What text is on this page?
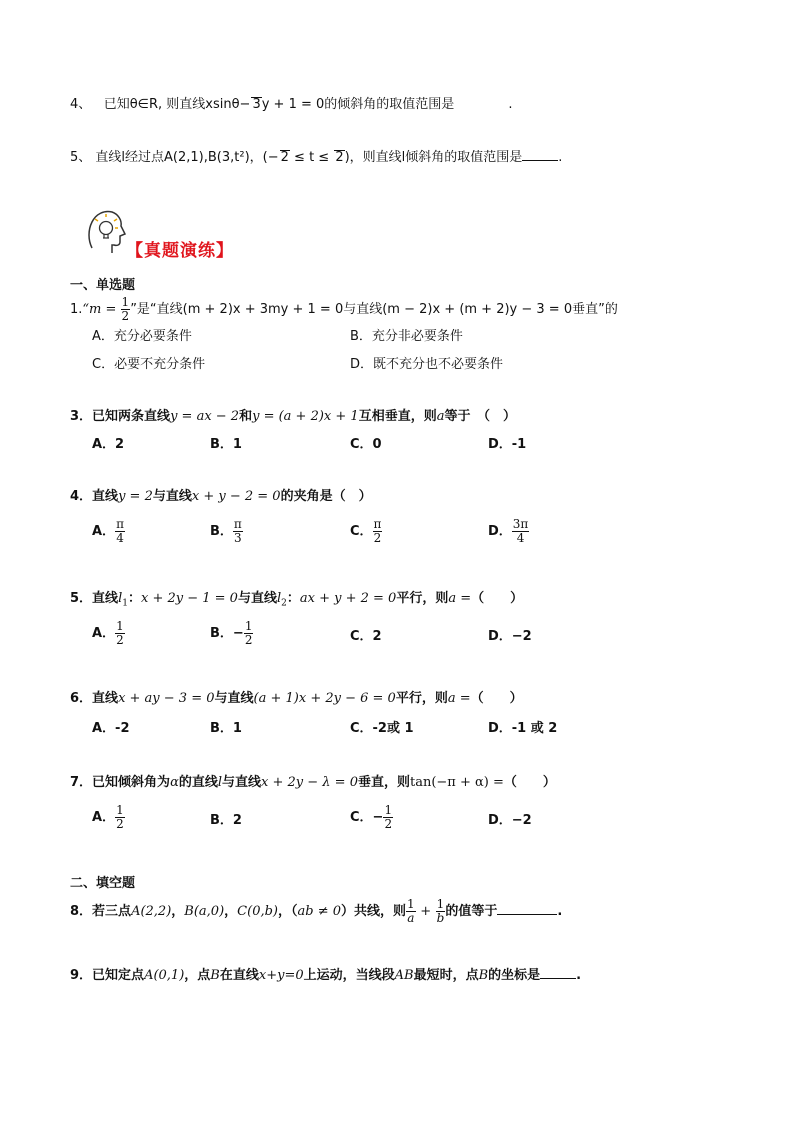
4、 已知θ∈R, 则直线xsinθ− 3y + 1 = 0的倾斜角的取值范围是	.
5、 直线l经过点A(2,1),B(3,t²)，(− 2 ≤ t ≤ 2)，则直线l倾斜角的取值范围是	.
【真题演练】
一、单选题
1.“m = $\frac{1}{2}$ ”是“直线(m + 2)x + 3my + 1 = 0与直线(m − 2)x + (m + 2)y − 3 = 0垂直”的
A．充分必要条件	B．充分非必要条件
C．必要不充分条件	D．既不充分也不必要条件
3．已知两条直线y = ax − 2和y = (a + 2)x + 1互相垂直，则a等于　（　）
A．2	B．1	C．0	D．-1
4．直线y = 2与直线x + y − 2 = 0的夹角是（　）
A． $\frac{\pi}{4}$	B． $\frac{\pi}{3}$	C． $\frac{\pi}{2}$	D． $\frac{3\pi}{4}$
5．直线$l_1$：x + 2y − 1 = 0与直线$l_2$：ax + y + 2 = 0平行，则a =（　　）
A． $\frac{1}{2}$	B．− $\frac{1}{2}$	C．2	D．−2
6．直线x + ay − 3 = 0与直线(a + 1)x + 2y − 6 = 0平行，则a =（　　）
A．-2	B．1	C．-2或 1	D．-1 或 2
7．已知倾斜角为α的直线l与直线x + 2y − λ = 0垂直，则tan(−π + α) =（　　）
A． $\frac{1}{2}$	B．2	C．− $\frac{1}{2}$	D．−2
二、填空题
8．若三点A(2,2)，B(a,0)，C(0,b)，（ab ≠ 0）共线，则 $\frac{1}{a} + \frac{1}{b}$ 的值等于	.
9．已知定点A(0,1)，点B在直线x+y=0上运动，当线段AB最短时，点B的坐标是	.
